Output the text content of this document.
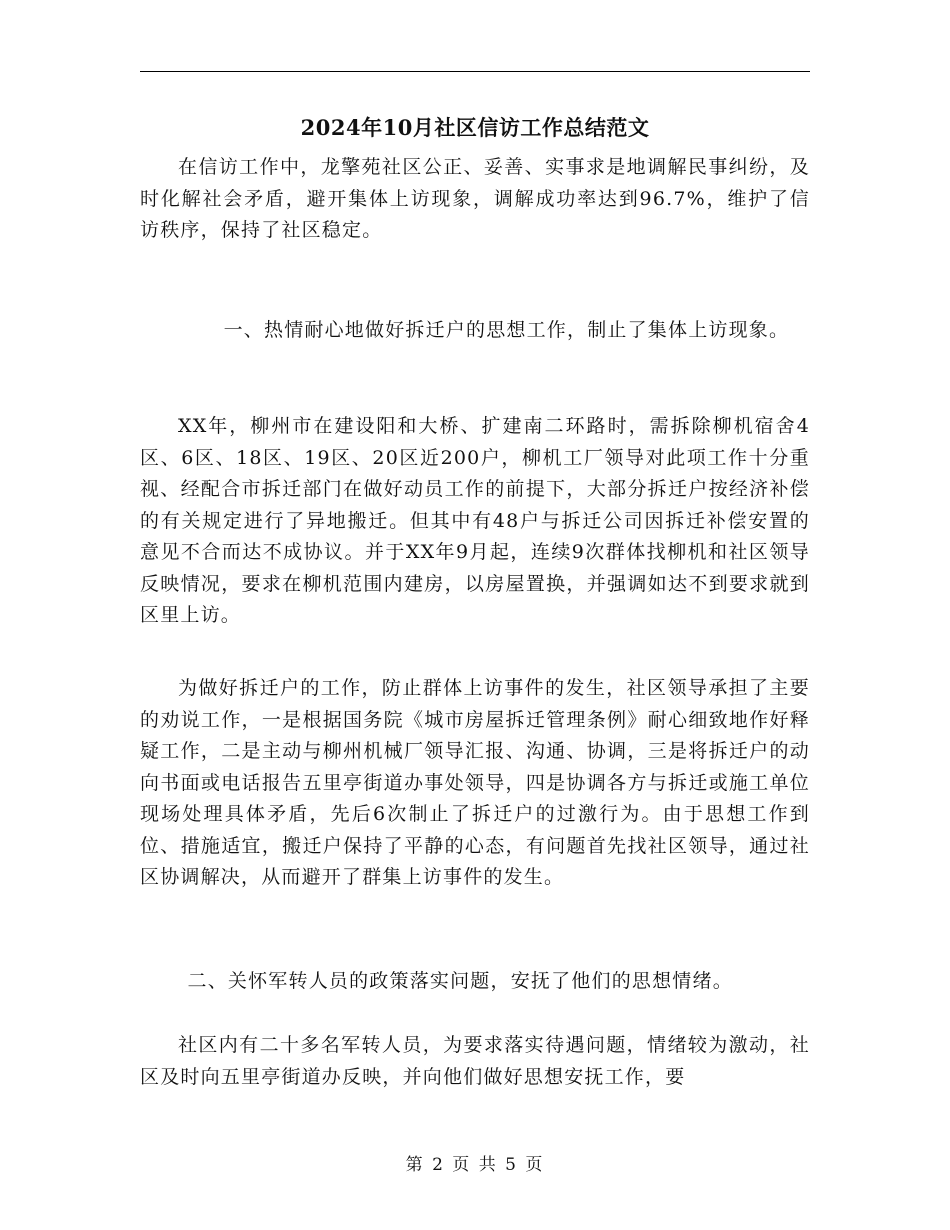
2024年10月社区信访工作总结范文

在信访工作中，龙擎苑社区公正、妥善、实事求是地调解民事纠纷，及时化解社会矛盾，避开集体上访现象，调解成功率达到96.7%，维护了信访秩序，保持了社区稳定。

一、热情耐心地做好拆迁户的思想工作，制止了集体上访现象。

XX年，柳州市在建设阳和大桥、扩建南二环路时，需拆除柳机宿舍4区、6区、18区、19区、20区近200户，柳机工厂领导对此项工作十分重视、经配合市拆迁部门在做好动员工作的前提下，大部分拆迁户按经济补偿的有关规定进行了异地搬迁。但其中有48户与拆迁公司因拆迁补偿安置的意见不合而达不成协议。并于XX年9月起，连续9次群体找柳机和社区领导反映情况，要求在柳机范围内建房，以房屋置换，并强调如达不到要求就到区里上访。

为做好拆迁户的工作，防止群体上访事件的发生，社区领导承担了主要的劝说工作，一是根据国务院《城市房屋拆迁管理条例》耐心细致地作好释疑工作，二是主动与柳州机械厂领导汇报、沟通、协调，三是将拆迁户的动向书面或电话报告五里亭街道办事处领导，四是协调各方与拆迁或施工单位现场处理具体矛盾，先后6次制止了拆迁户的过激行为。由于思想工作到位、措施适宜，搬迁户保持了平静的心态，有问题首先找社区领导，通过社区协调解决，从而避开了群集上访事件的发生。

二、关怀军转人员的政策落实问题，安抚了他们的思想情绪。

社区内有二十多名军转人员，为要求落实待遇问题，情绪较为激动，社区及时向五里亭街道办反映，并向他们做好思想安抚工作，要

第 2 页 共 5 页
